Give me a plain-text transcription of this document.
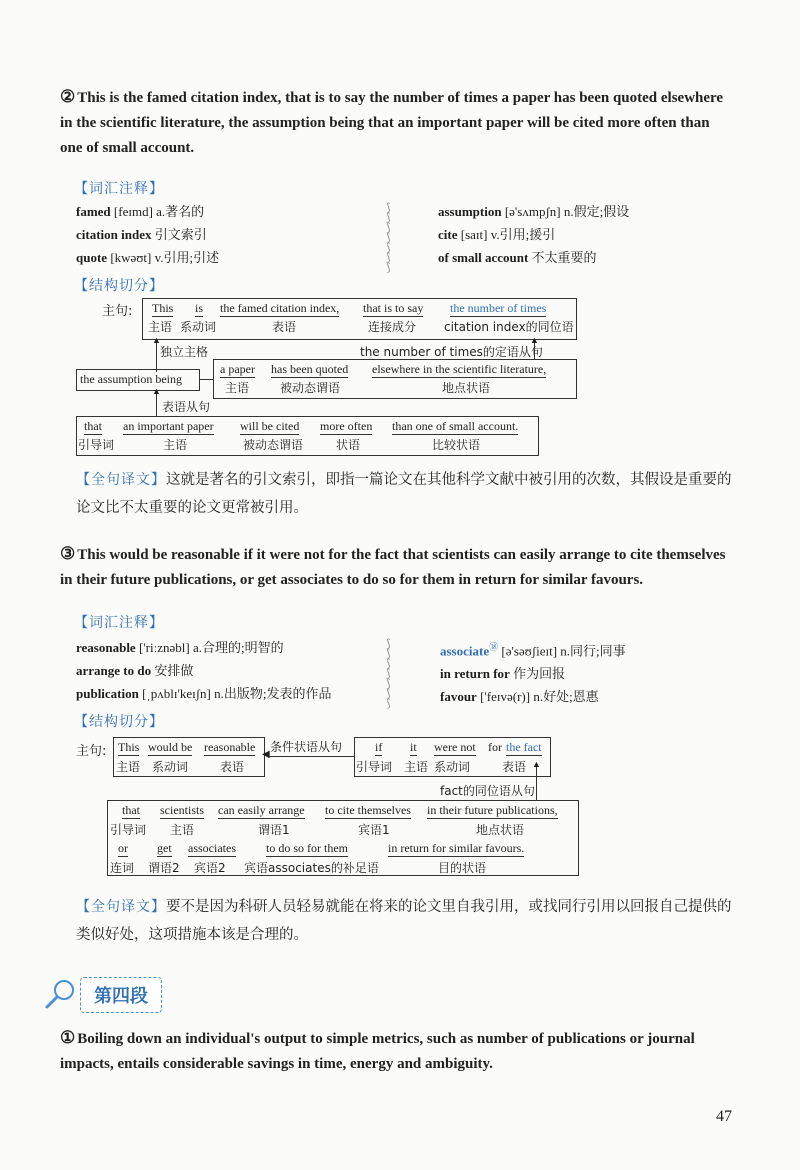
② This is the famed citation index, that is to say the number of times a paper has been quoted elsewhere in the scientific literature, the assumption being that an important paper will be cited more often than one of small account.
【词汇注释】
famed [feɪmd] a.著名的
citation index 引文索引
quote [kwəʊt] v.引用;引述
⟆
⟆
⟆
⟆
⟆
⟆
⟆
assumption [ə'sʌmpʃn] n.假定;假设
cite [saɪt] v.引用;援引
of small account 不太重要的
【结构切分】
主句: This
主语
is
系动词
the famed citation index,
表语
that is to say
连接成分
the number of times
citation index的同位语
▲
独立主格
▲
the number of times的定语从句
the assumption being
a paper
主语
has been quoted
被动态谓语
elsewhere in the scientific literature,
地点状语
▲
表语从句
that
引导词
an important paper
主语
will be cited
被动态谓语
more often
状语
than one of small account.
比较状语
【全句译文】这就是著名的引文索引，即指一篇论文在其他科学文献中被引用的次数，其假设是重要的论文比不太重要的论文更常被引用。
③ This would be reasonable if it were not for the fact that scientists can easily arrange to cite themselves in their future publications, or get associates to do so for them in return for similar favours.
【词汇注释】
reasonable ['riːznəbl] a.合理的;明智的
arrange to do 安排做
publication [ˌpʌblɪ'keɪʃn] n.出版物;发表的作品
⟆
⟆
⟆
⟆
⟆
⟆
⟆
associate⑱ [ə'səʊʃieɪt] n.同行;同事
in return for 作为回报
favour ['feɪvə(r)] n.好处;恩惠
【结构切分】
主句: This
主语
would be
系动词
reasonable
表语
◀
条件状语从句	if
引导词
it
主语
were not
系动词
for the fact
表语 ▲
fact的同位语从句
that
引导词
scientists
主语
can easily arrange
谓语1
to cite themselves
宾语1
in their future publications,
地点状语
or
连词
get
谓语2
associates
宾语2
to do so for them
宾语associates的补足语
in return for similar favours.
目的状语
【全句译文】要不是因为科研人员轻易就能在将来的论文里自我引用，或找同行引用以回报自己提供的类似好处，这项措施本该是合理的。
第四段
① Boiling down an individual's output to simple metrics, such as number of publications or journal impacts, entails considerable savings in time, energy and ambiguity.
47
